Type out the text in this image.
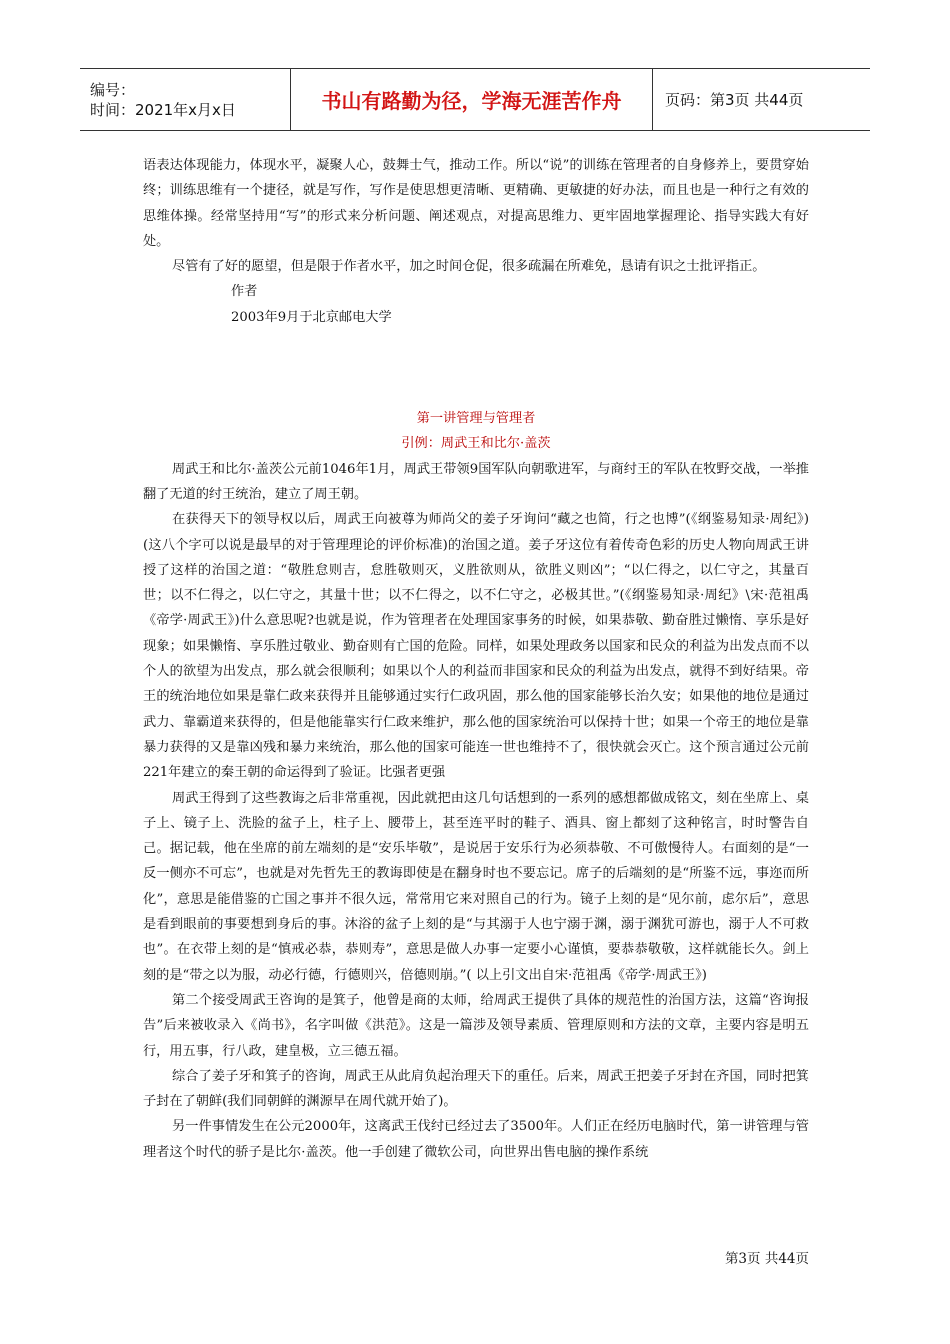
编号：
时间：2021年x月x日	书山有路勤为径，学海无涯苦作舟	页码：第3页 共44页

语表达体现能力，体现水平，凝聚人心，鼓舞士气，推动工作。所以“说”的训练在管理者的自身修养上，要贯穿始终；训练思维有一个捷径，就是写作，写作是使思想更清晰、更精确、更敏捷的好办法，而且也是一种行之有效的思维体操。经常坚持用“写”的形式来分析问题、阐述观点，对提高思维力、更牢固地掌握理论、指导实践大有好处。

尽管有了好的愿望，但是限于作者水平，加之时间仓促，很多疏漏在所难免，恳请有识之士批评指正。

作者

2003年9月于北京邮电大学

第一讲管理与管理者

引例：周武王和比尔·盖茨

周武王和比尔·盖茨公元前1046年1月，周武王带领9国军队向朝歌进军，与商纣王的军队在牧野交战，一举推翻了无道的纣王统治，建立了周王朝。

在获得天下的领导权以后，周武王向被尊为师尚父的姜子牙询问“藏之也简，行之也博”(《纲鉴易知录·周纪》)(这八个字可以说是最早的对于管理理论的评价标准)的治国之道。姜子牙这位有着传奇色彩的历史人物向周武王讲授了这样的治国之道：“敬胜怠则吉，怠胜敬则灭，义胜欲则从，欲胜义则凶”；“以仁得之，以仁守之，其量百世；以不仁得之，以仁守之，其量十世；以不仁得之，以不仁守之，必极其世。”(《纲鉴易知录·周纪》\宋·范祖禹《帝学·周武王》)什么意思呢?也就是说，作为管理者在处理国家事务的时候，如果恭敬、勤奋胜过懒惰、享乐是好现象；如果懒惰、享乐胜过敬业、勤奋则有亡国的危险。同样，如果处理政务以国家和民众的利益为出发点而不以个人的欲望为出发点，那么就会很顺利；如果以个人的利益而非国家和民众的利益为出发点，就得不到好结果。帝王的统治地位如果是靠仁政来获得并且能够通过实行仁政巩固，那么他的国家能够长治久安；如果他的地位是通过武力、靠霸道来获得的，但是他能靠实行仁政来维护，那么他的国家统治可以保持十世；如果一个帝王的地位是靠暴力获得的又是靠凶残和暴力来统治，那么他的国家可能连一世也维持不了，很快就会灭亡。这个预言通过公元前221年建立的秦王朝的命运得到了验证。比强者更强

周武王得到了这些教诲之后非常重视，因此就把由这几句话想到的一系列的感想都做成铭文，刻在坐席上、桌子上、镜子上、洗脸的盆子上，柱子上、腰带上，甚至连平时的鞋子、酒具、窗上都刻了这种铭言，时时警告自己。据记载，他在坐席的前左端刻的是“安乐毕敬”，是说居于安乐行为必须恭敬、不可傲慢待人。右面刻的是“一反一侧亦不可忘”，也就是对先哲先王的教诲即使是在翻身时也不要忘记。席子的后端刻的是“所鉴不远，事迩而所化”，意思是能借鉴的亡国之事并不很久远，常常用它来对照自己的行为。镜子上刻的是“见尔前，虑尔后”，意思是看到眼前的事要想到身后的事。沐浴的盆子上刻的是“与其溺于人也宁溺于渊，溺于渊犹可游也，溺于人不可救也”。在衣带上刻的是“慎戒必恭，恭则寿”，意思是做人办事一定要小心谨慎，要恭恭敬敬，这样就能长久。剑上刻的是“带之以为服，动必行德，行德则兴，倍德则崩。”( 以上引文出自宋·范祖禹《帝学·周武王》)

第二个接受周武王咨询的是箕子，他曾是商的太师，给周武王提供了具体的规范性的治国方法，这篇“咨询报告”后来被收录入《尚书》，名字叫做《洪范》。这是一篇涉及领导素质、管理原则和方法的文章，主要内容是明五行，用五事，行八政，建皇极，立三德五福。

综合了姜子牙和箕子的咨询，周武王从此肩负起治理天下的重任。后来，周武王把姜子牙封在齐国，同时把箕子封在了朝鲜(我们同朝鲜的渊源早在周代就开始了)。

另一件事情发生在公元2000年，这离武王伐纣已经过去了3500年。人们正在经历电脑时代，第一讲管理与管理者这个时代的骄子是比尔·盖茨。他一手创建了微软公司，向世界出售电脑的操作系统

第3页 共44页
